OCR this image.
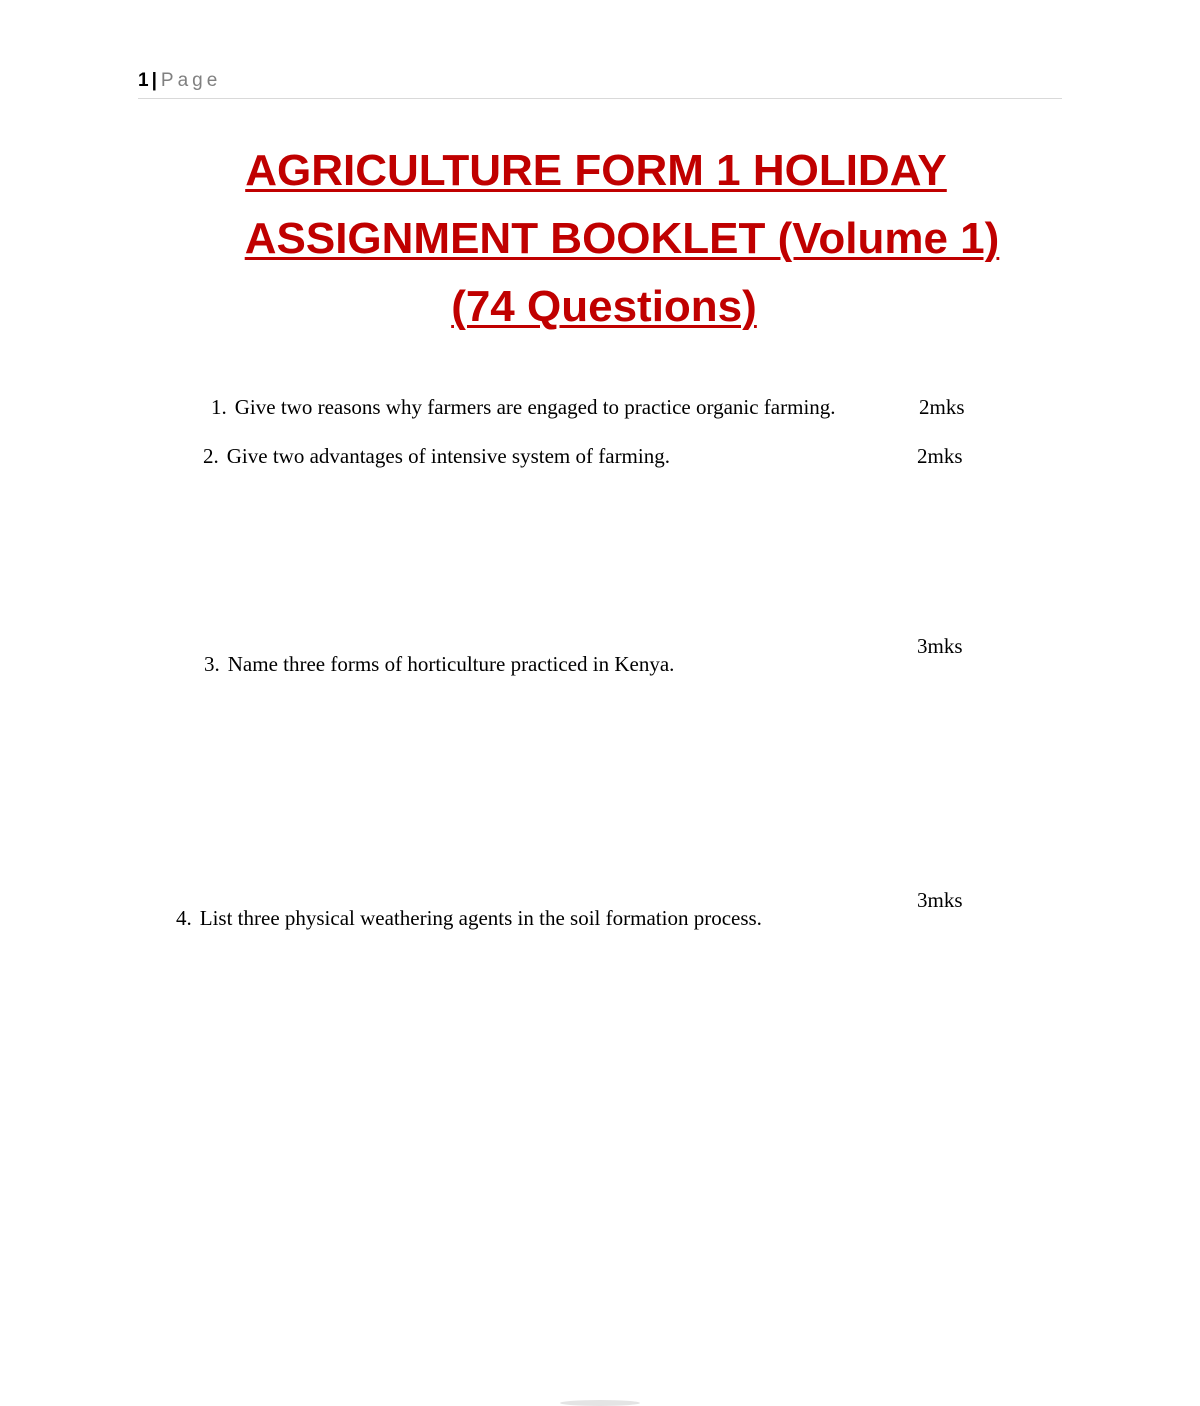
1 | Page
AGRICULTURE FORM 1 HOLIDAY
ASSIGNMENT BOOKLET (Volume 1)
(74 Questions)
1. Give two reasons why farmers are engaged to practice organic farming.	2mks
2. Give two advantages of intensive system of farming.	2mks
3mks
3. Name three forms of horticulture practiced in Kenya.
3mks
4. List three physical weathering agents in the soil formation process.
